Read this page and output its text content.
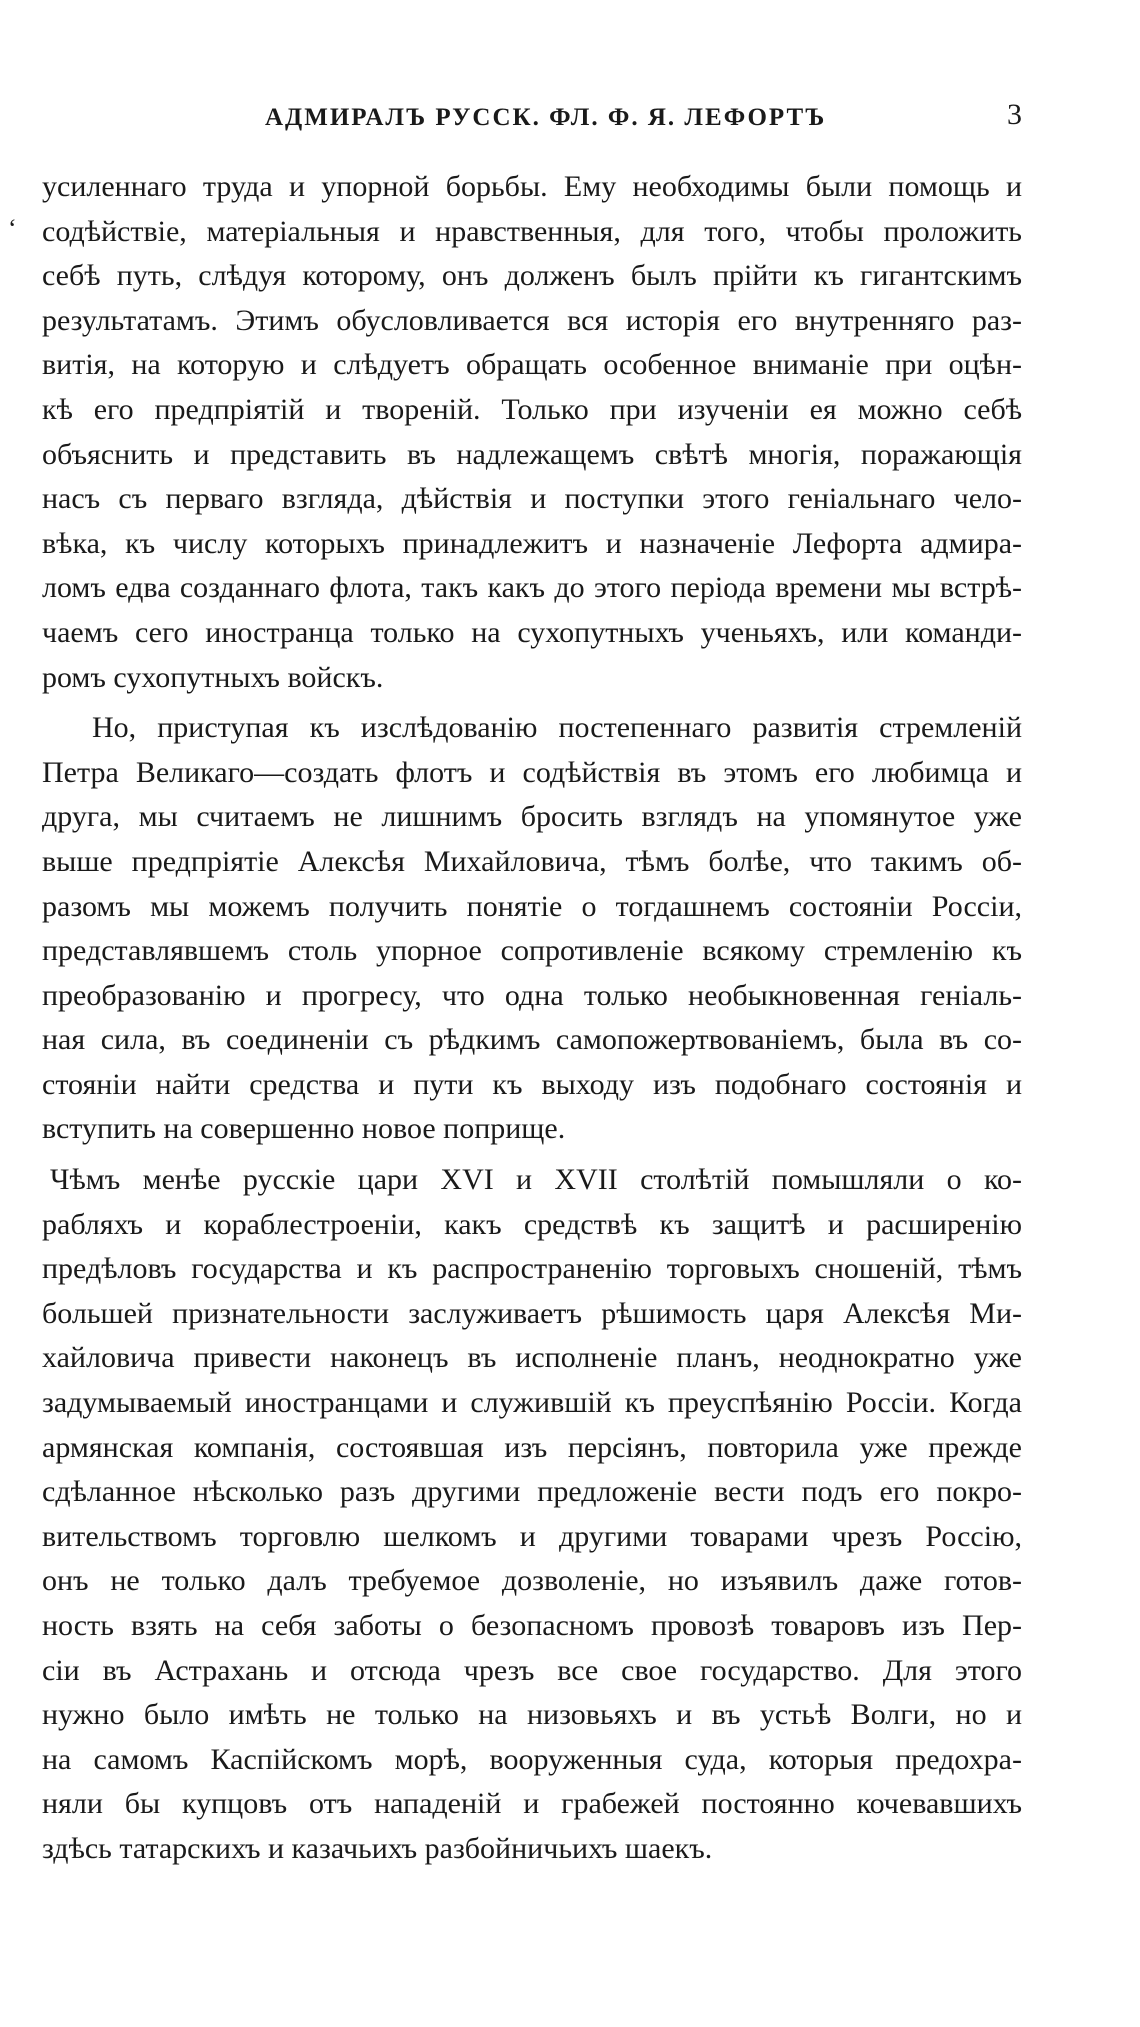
АДМИРАЛЪ РУССК. ФЛ. Ф. Я. ЛЕФОРТЪ	3
ʻ
усиленнаго труда и упорной борьбы. Ему необходимы были помощь и
содѣйствіе, матеріальныя и нравственныя, для того, чтобы проложить
себѣ путь, слѣдуя которому, онъ долженъ былъ прійти къ гигантскимъ
результатамъ. Этимъ обусловливается вся исторія его внутренняго раз-
витія, на которую и слѣдуетъ обращать особенное вниманіе при оцѣн-
кѣ его предпріятій и твореній. Только при изученіи ея можно себѣ
объяснить и представить въ надлежащемъ свѣтѣ многія, поражающія
насъ съ перваго взгляда, дѣйствія и поступки этого геніальнаго чело-
вѣка, къ числу которыхъ принадлежитъ и назначеніе Лефорта адмира-
ломъ едва созданнаго флота, такъ какъ до этого періода времени мы встрѣ-
чаемъ сего иностранца только на сухопутныхъ ученьяхъ, или команди-
ромъ сухопутныхъ войскъ.
Но, приступая къ изслѣдованію постепеннаго развитія стремленій
Петра Великаго—создать флотъ и содѣйствія въ этомъ его любимца и
друга, мы считаемъ не лишнимъ бросить взглядъ на упомянутое уже
выше предпріятіе Алексѣя Михайловича, тѣмъ болѣе, что такимъ об-
разомъ мы можемъ получить понятіе о тогдашнемъ состояніи Россіи,
представлявшемъ столь упорное сопротивленіе всякому стремленію къ
преобразованію и прогресу, что одна только необыкновенная геніаль-
ная сила, въ соединеніи съ рѣдкимъ самопожертвованіемъ, была въ со-
стояніи найти средства и пути къ выходу изъ подобнаго состоянія и
вступить на совершенно новое поприще.
Чѣмъ менѣе русскіе цари XVI и XVII столѣтій помышляли о ко-
рабляхъ и кораблестроеніи, какъ средствѣ къ защитѣ и расширенію
предѣловъ государства и къ распространенію торговыхъ сношеній, тѣмъ
большей признательности заслуживаетъ рѣшимость царя Алексѣя Ми-
хайловича привести наконецъ въ исполненіе планъ, неоднократно уже
задумываемый иностранцами и служившій къ преуспѣянію Россіи. Когда
армянская компанія, состоявшая изъ персіянъ, повторила уже прежде
сдѣланное нѣсколько разъ другими предложеніе вести подъ его покро-
вительствомъ торговлю шелкомъ и другими товарами чрезъ Россію,
онъ не только далъ требуемое дозволеніе, но изъявилъ даже готов-
ность взять на себя заботы о безопасномъ провозѣ товаровъ изъ Пер-
сіи въ Астрахань и отсюда чрезъ все свое государство. Для этого
нужно было имѣть не только на низовьяхъ и въ устьѣ Волги, но и
на самомъ Каспійскомъ морѣ, вооруженныя суда, которыя предохра-
няли бы купцовъ отъ нападеній и грабежей постоянно кочевавшихъ
здѣсь татарскихъ и казачьихъ разбойничьихъ шаекъ.
